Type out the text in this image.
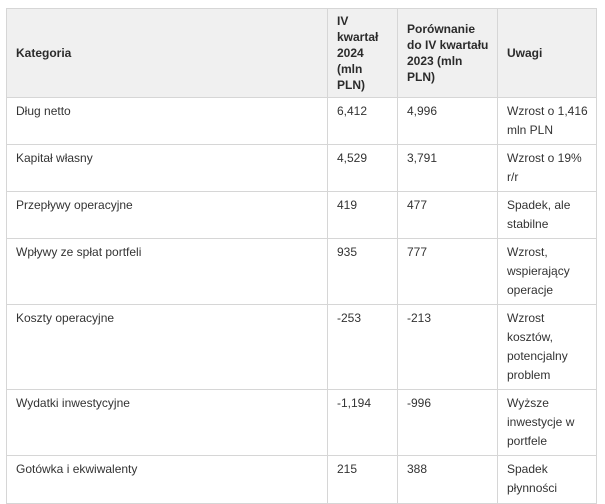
Kategoria	IV kwartał 2024 (mln PLN)	Porównanie do IV kwartału 2023 (mln PLN)	Uwagi
Dług netto	6,412	4,996	Wzrost o 1,416 mln PLN
Kapitał własny	4,529	3,791	Wzrost o 19% r/r
Przepływy operacyjne	419	477	Spadek, ale stabilne
Wpływy ze spłat portfeli	935	777	Wzrost, wspierający operacje
Koszty operacyjne	-253	-213	Wzrost kosztów, potencjalny problem
Wydatki inwestycyjne	-1,194	-996	Wyższe inwestycje w portfele
Gotówka i ekwiwalenty	215	388	Spadek płynności
